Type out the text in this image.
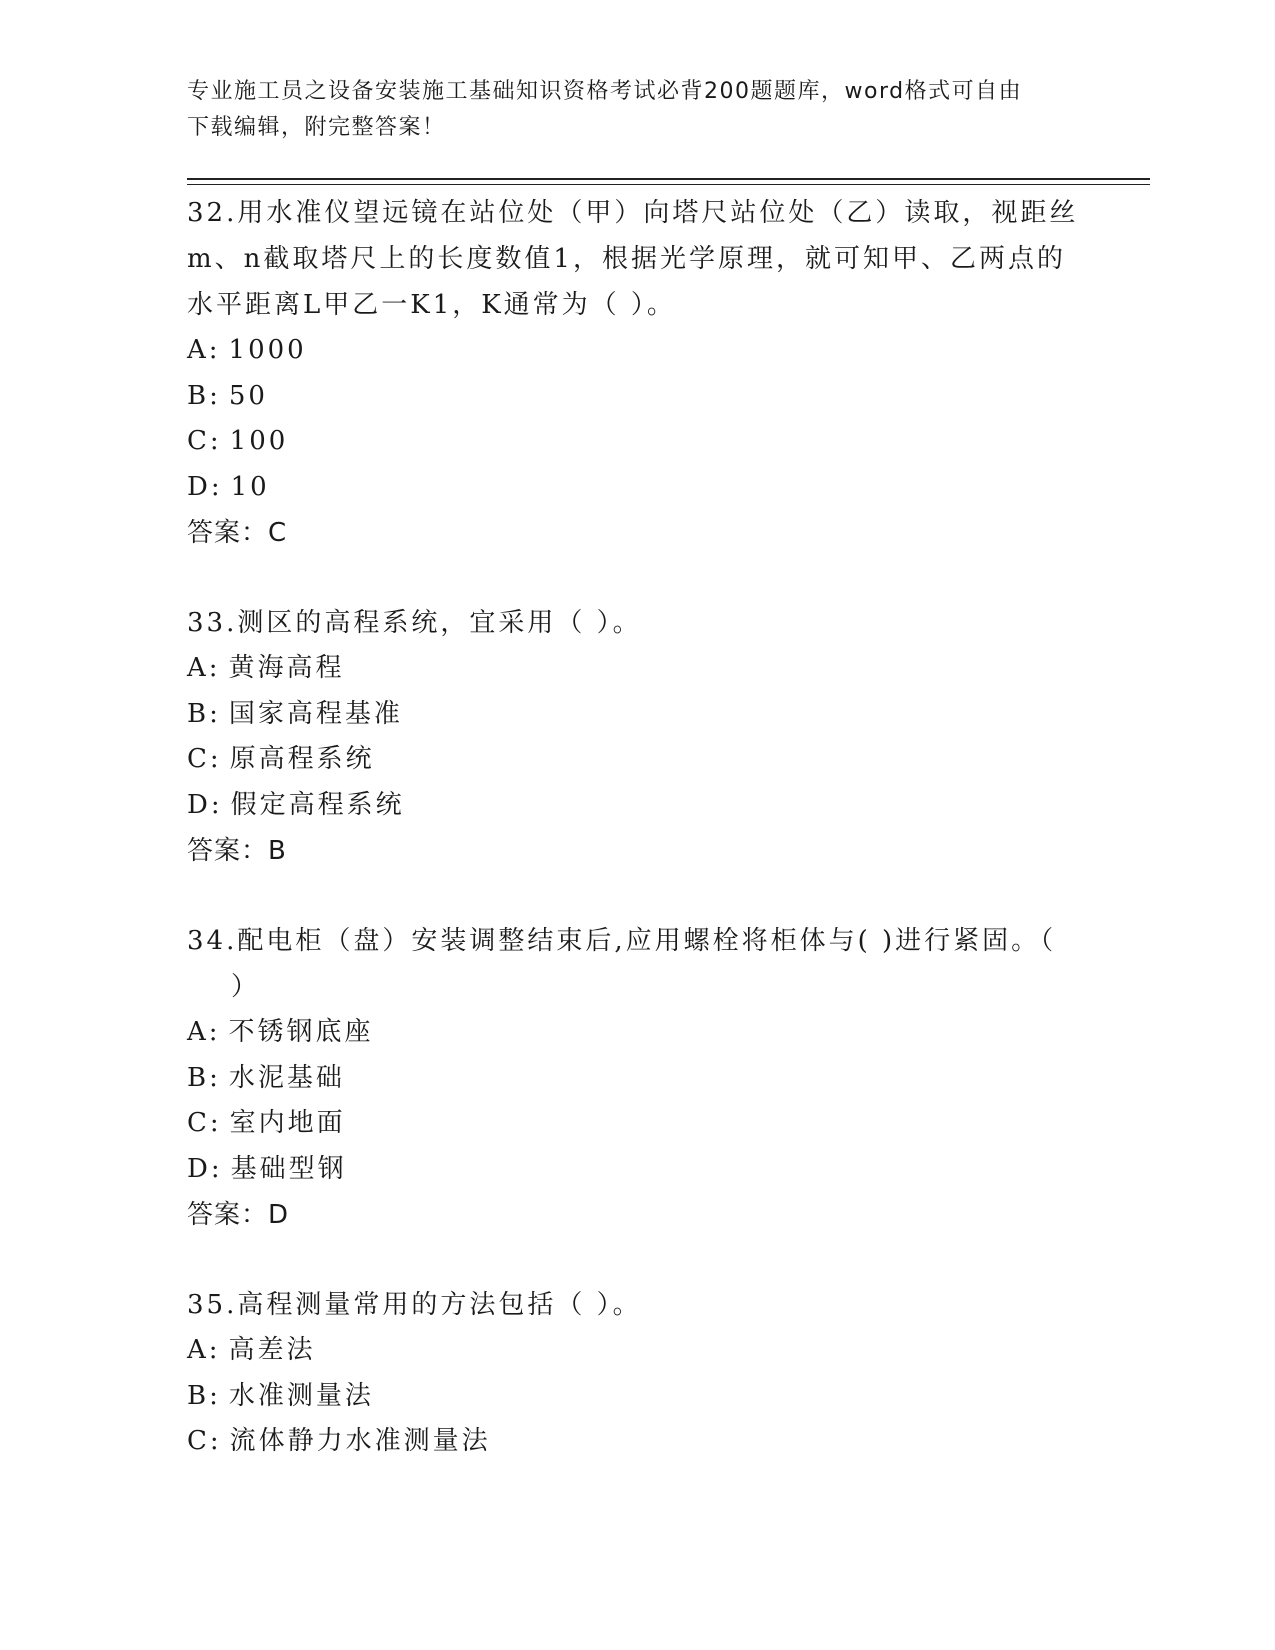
专业施工员之设备安装施工基础知识资格考试必背200题题库，word格式可自由
下载编辑，附完整答案！
32.用水准仪望远镜在站位处（甲）向塔尺站位处（乙）读取，视距丝
m、n截取塔尺上的长度数值1，根据光学原理，就可知甲、乙两点的
水平距离L甲乙一K1，K通常为（ ）。
A: 1000
B: 50
C: 100
D: 10
答案：C
33.测区的高程系统，宜采用（ ）。
A: 黄海高程
B: 国家高程基准
C: 原高程系统
D: 假定高程系统
答案：B
34.配电柜（盘）安装调整结束后,应用螺栓将柜体与( )进行紧固。（
）
A: 不锈钢底座
B: 水泥基础
C: 室内地面
D: 基础型钢
答案：D
35.高程测量常用的方法包括（ ）。
A: 高差法
B: 水准测量法
C: 流体静力水准测量法
